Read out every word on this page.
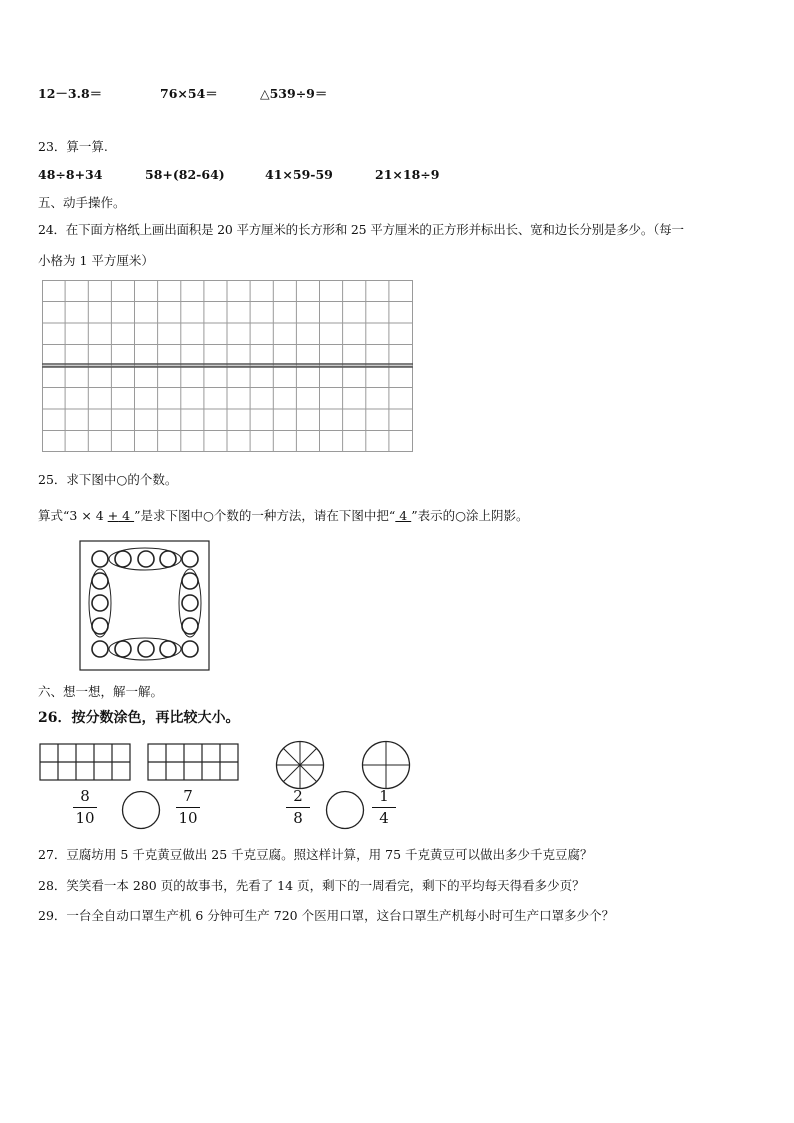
12－3.8＝	76×54＝	△539÷9＝
23．算一算.
48÷8+34	58+(82-64)	41×59-59	21×18÷9
五、动手操作。
24．在下面方格纸上画出面积是 20 平方厘米的长方形和 25 平方厘米的正方形并标出长、宽和边长分别是多少。（每一
小格为 1 平方厘米）
25．求下图中○的个数。
算式“3 × 4 + 4 ”是求下图中○个数的一种方法，请在下图中把“ 4 ”表示的○涂上阴影。
六、想一想，解一解。
26．按分数涂色，再比较大小。
8
10
7
10
2
8
1
4
27．豆腐坊用 5 千克黄豆做出 25 千克豆腐。照这样计算，用 75 千克黄豆可以做出多少千克豆腐？
28．笑笑看一本 280 页的故事书，先看了 14 页，剩下的一周看完，剩下的平均每天得看多少页？
29．一台全自动口罩生产机 6 分钟可生产 720 个医用口罩，这台口罩生产机每小时可生产口罩多少个？
